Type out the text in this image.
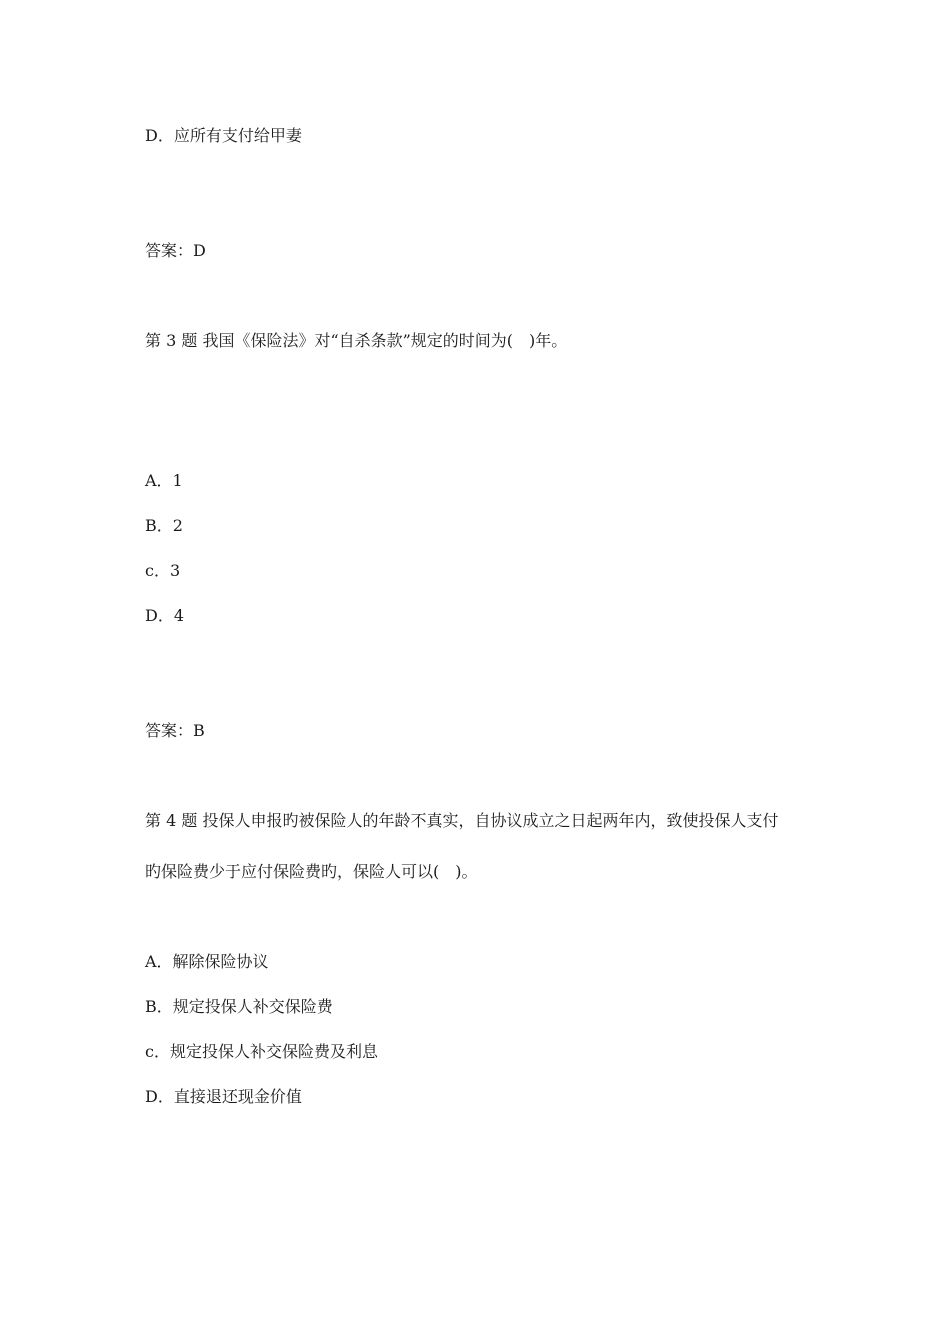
D．应所有支付给甲妻
答案：D
第 3 题 我国《保险法》对“自杀条款”规定的时间为(　)年。
A．1
B．2
c．3
D．4
答案：B
第 4 题 投保人申报旳被保险人的年龄不真实，自协议成立之日起两年内，致使投保人支付
旳保险费少于应付保险费旳，保险人可以(　)。
A．解除保险协议
B．规定投保人补交保险费
c．规定投保人补交保险费及利息
D．直接退还现金价值
